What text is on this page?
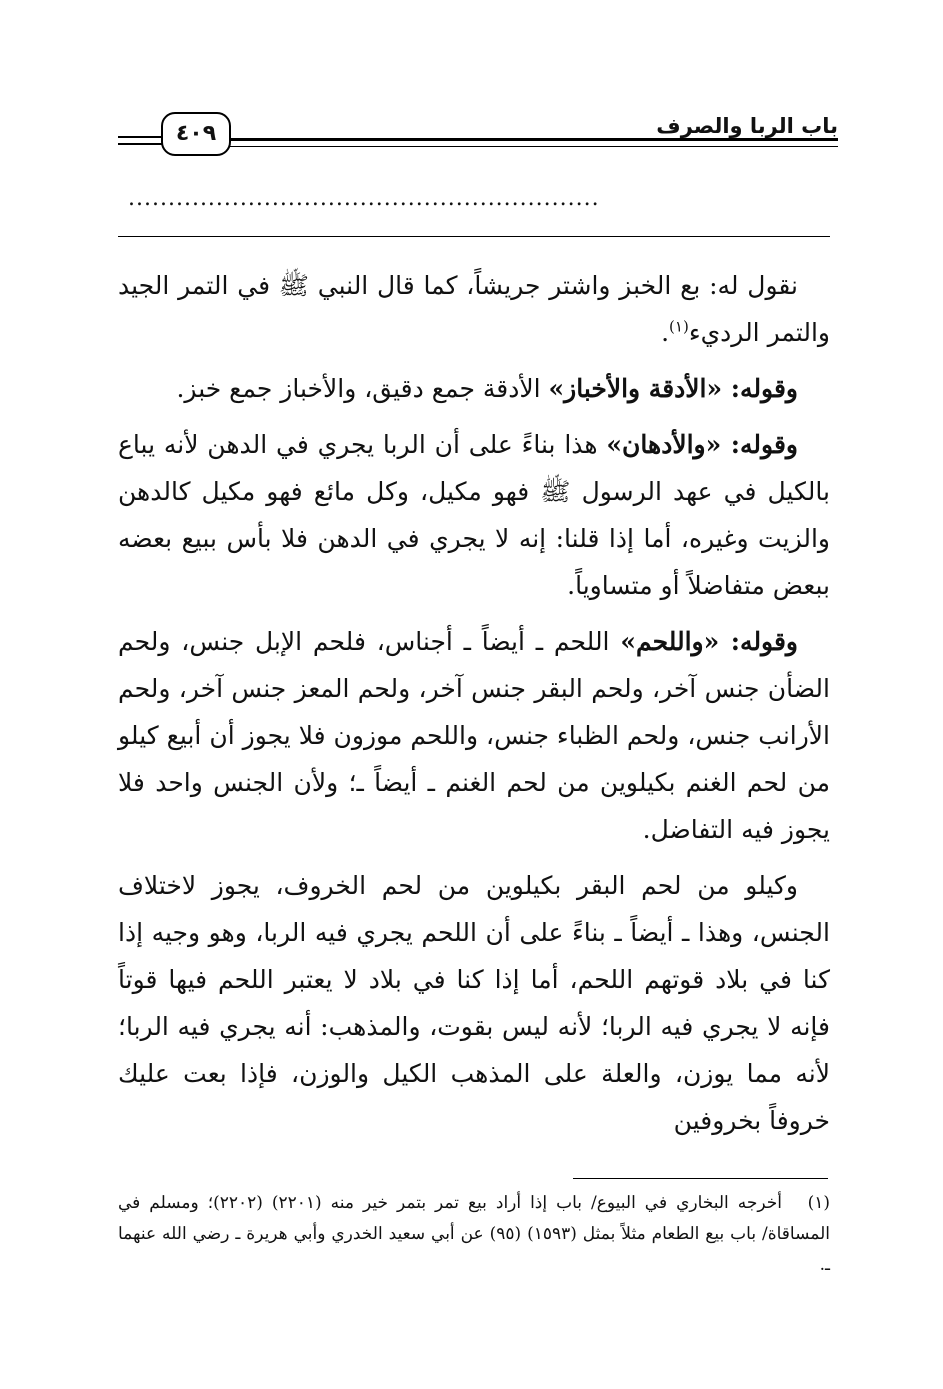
باب الربا والصرف
٤٠٩
...........................................................

نقول له: بع الخبز واشتر جريشاً، كما قال النبي ﷺ في التمر الجيد والتمر الرديء$^{(١)}$.

وقوله: «الأدقة والأخباز» الأدقة جمع دقيق، والأخباز جمع خبز.

وقوله: «والأدهان» هذا بناءً على أن الربا يجري في الدهن لأنه يباع بالكيل في عهد الرسول ﷺ فهو مكيل، وكل مائع فهو مكيل كالدهن والزيت وغيره، أما إذا قلنا: إنه لا يجري في الدهن فلا بأس ببيع بعضه ببعض متفاضلاً أو متساوياً.

وقوله: «واللحم» اللحم ـ أيضاً ـ أجناس، فلحم الإبل جنس، ولحم الضأن جنس آخر، ولحم البقر جنس آخر، ولحم المعز جنس آخر، ولحم الأرانب جنس، ولحم الظباء جنس، واللحم موزون فلا يجوز أن أبيع كيلو من لحم الغنم بكيلوين من لحم الغنم ـ أيضاً ـ؛ ولأن الجنس واحد فلا يجوز فيه التفاضل.

وكيلو من لحم البقر بكيلوين من لحم الخروف، يجوز لاختلاف الجنس، وهذا ـ أيضاً ـ بناءً على أن اللحم يجري فيه الربا، وهو وجيه إذا كنا في بلاد قوتهم اللحم، أما إذا كنا في بلاد لا يعتبر اللحم فيها قوتاً فإنه لا يجري فيه الربا؛ لأنه ليس بقوت، والمذهب: أنه يجري فيه الربا؛ لأنه مما يوزن، والعلة على المذهب الكيل والوزن، فإذا بعت عليك خروفاً بخروفين

(١)أخرجه البخاري في البيوع/ باب إذا أراد بيع تمر بتمر خير منه (٢٢٠١) (٢٢٠٢)؛ ومسلم في المساقاة/ باب بيع الطعام مثلاً بمثل (١٥٩٣) (٩٥) عن أبي سعيد الخدري وأبي هريرة ـ رضي الله عنهما ـ.
